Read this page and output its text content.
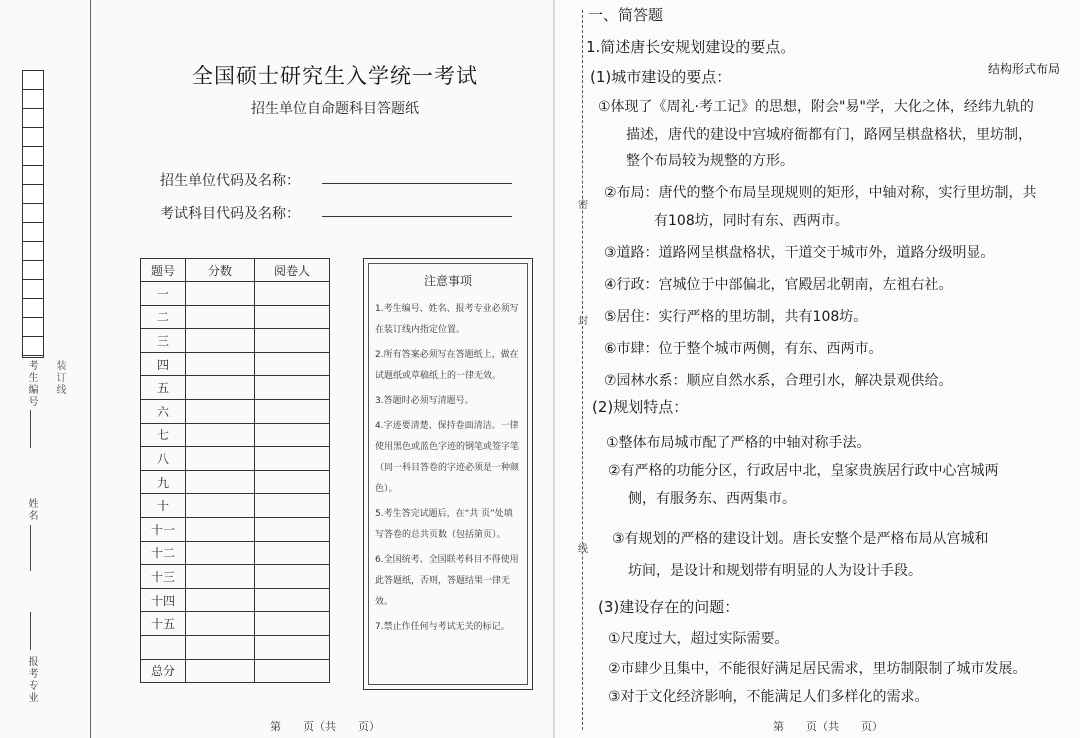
考生编号 装订线
姓名
报考专业
全国硕士研究生入学统一考试
招生单位自命题科目答题纸
招生单位代码及名称：
考试科目代码及名称：
题号	分数	阅卷人
一		
二		
三		
四		
五		
六		
七		
八		
九		
十		
十一		
十二		
十三		
十四		
十五		

总分		
注意事项
1.考生编号、姓名、报考专业必须写在装订线内指定位置。
2.所有答案必须写在答题纸上，做在试题纸或草稿纸上的一律无效。
3.答题时必须写清题号。
4.字迹要清楚、保持卷面清洁。一律使用黑色或蓝色字迹的钢笔或签字笔（同一科目答卷的字迹必须是一种颜色）。
5.考生答完试题后，在“共 页”处填写答卷的总共页数（包括第页）。
6.全国统考、全国联考科目不得使用此答题纸，否则，答题结果一律无效。
7.禁止作任何与考试无关的标记。
第　　页（共　　页）
密
封
线
结构形式布局
一、简答题
1.简述唐长安规划建设的要点。
(1)城市建设的要点：
①体现了《周礼·考工记》的思想，附会"易"学，大化之体，经纬九轨的
描述，唐代的建设中宫城府衙都有门，路网呈棋盘格状，里坊制，
整个布局较为规整的方形。
②布局：唐代的整个布局呈现规则的矩形，中轴对称，实行里坊制，共
有108坊，同时有东、西两市。
③道路：道路网呈棋盘格状，干道交于城市外，道路分级明显。
④行政：宫城位于中部偏北，官殿居北朝南，左祖右社。
⑤居住：实行严格的里坊制，共有108坊。
⑥市肆：位于整个城市两侧，有东、西两市。
⑦园林水系：顺应自然水系，合理引水，解决景观供给。
(2)规划特点：
①整体布局城市配了严格的中轴对称手法。
②有严格的功能分区，行政居中北，皇家贵族居行政中心宫城两
侧，有服务东、西两集市。
③有规划的严格的建设计划。唐长安整个是严格布局从宫城和
坊间，是设计和规划带有明显的人为设计手段。
(3)建设存在的问题：
①尺度过大，超过实际需要。
②市肆少且集中，不能很好满足居民需求，里坊制限制了城市发展。
③对于文化经济影响，不能满足人们多样化的需求。
第　　页（共　　页）
